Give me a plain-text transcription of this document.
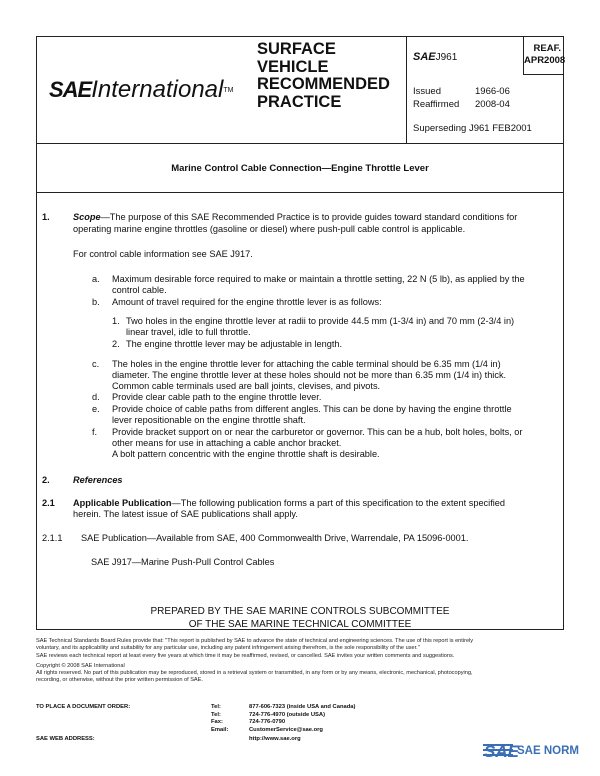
SAE International TM
SURFACE
VEHICLE
RECOMMENDED
PRACTICE
SAEJ961
Issued	1966-06
Reaffirmed 2008-04
Superseding J961 FEB2001
REAF.
APR2008
Marine Control Cable Connection—Engine Throttle Lever
1.	Scope—The purpose of this SAE Recommended Practice is to provide guides toward standard conditions for
operating marine engine throttles (gasoline or diesel) where push-pull cable control is applicable.
For control cable information see SAE J917.
a. Maximum desirable force required to make or maintain a throttle setting, 22 N (5 lb), as applied by the
control cable.
b. Amount of travel required for the engine throttle lever is as follows:
1. Two holes in the engine throttle lever at radii to provide 44.5 mm (1-3/4 in) and 70 mm (2-3/4 in)
linear travel, idle to full throttle.
2. The engine throttle lever may be adjustable in length.
c. The holes in the engine throttle lever for attaching the cable terminal should be 6.35 mm (1/4 in)
diameter. The engine throttle lever at these holes should not be more than 6.35 mm (1/4 in) thick.
Common cable terminals used are ball joints, clevises, and pivots.
d. Provide clear cable path to the engine throttle lever.
e. Provide choice of cable paths from different angles. This can be done by having the engine throttle
lever repositionable on the engine throttle shaft.
f. Provide bracket support on or near the carburetor or governor. This can be a hub, bolt holes, bolts, or
other means for use in attaching a cable anchor bracket.
A bolt pattern concentric with the engine throttle shaft is desirable.
2.	References
2.1 Applicable Publication—The following publication forms a part of this specification to the extent specified
herein. The latest issue of SAE publications shall apply.
2.1.1 SAE Publication—Available from SAE, 400 Commonwealth Drive, Warrendale, PA 15096-0001.
SAE J917—Marine Push-Pull Control Cables
PREPARED BY THE SAE MARINE CONTROLS SUBCOMMITTEE
OF THE SAE MARINE TECHNICAL COMMITTEE
SAE Technical Standards Board Rules provide that: "This report is published by SAE to advance the state of technical and engineering sciences. The use of this report is entirely
voluntary, and its applicability and suitability for any particular use, including any patent infringement arising therefrom, is the sole responsibility of the user."
SAE reviews each technical report at least every five years at which time it may be reaffirmed, revised, or cancelled. SAE invites your written comments and suggestions.
Copyright © 2008 SAE International
All rights reserved. No part of this publication may be reproduced, stored in a retrieval system or transmitted, in any form or by any means, electronic, mechanical, photocopying,
recording, or otherwise, without the prior written permission of SAE.
TO PLACE A DOCUMENT ORDER:	Tel:	877-606-7323 (inside USA and Canada)
Tel:	724-776-4970 (outside USA)
Fax:	724-776-0790
Email:	CustomerService@sae.org
SAE WEB ADDRESS:	http://www.sae.org
SAE
SAE NORM
